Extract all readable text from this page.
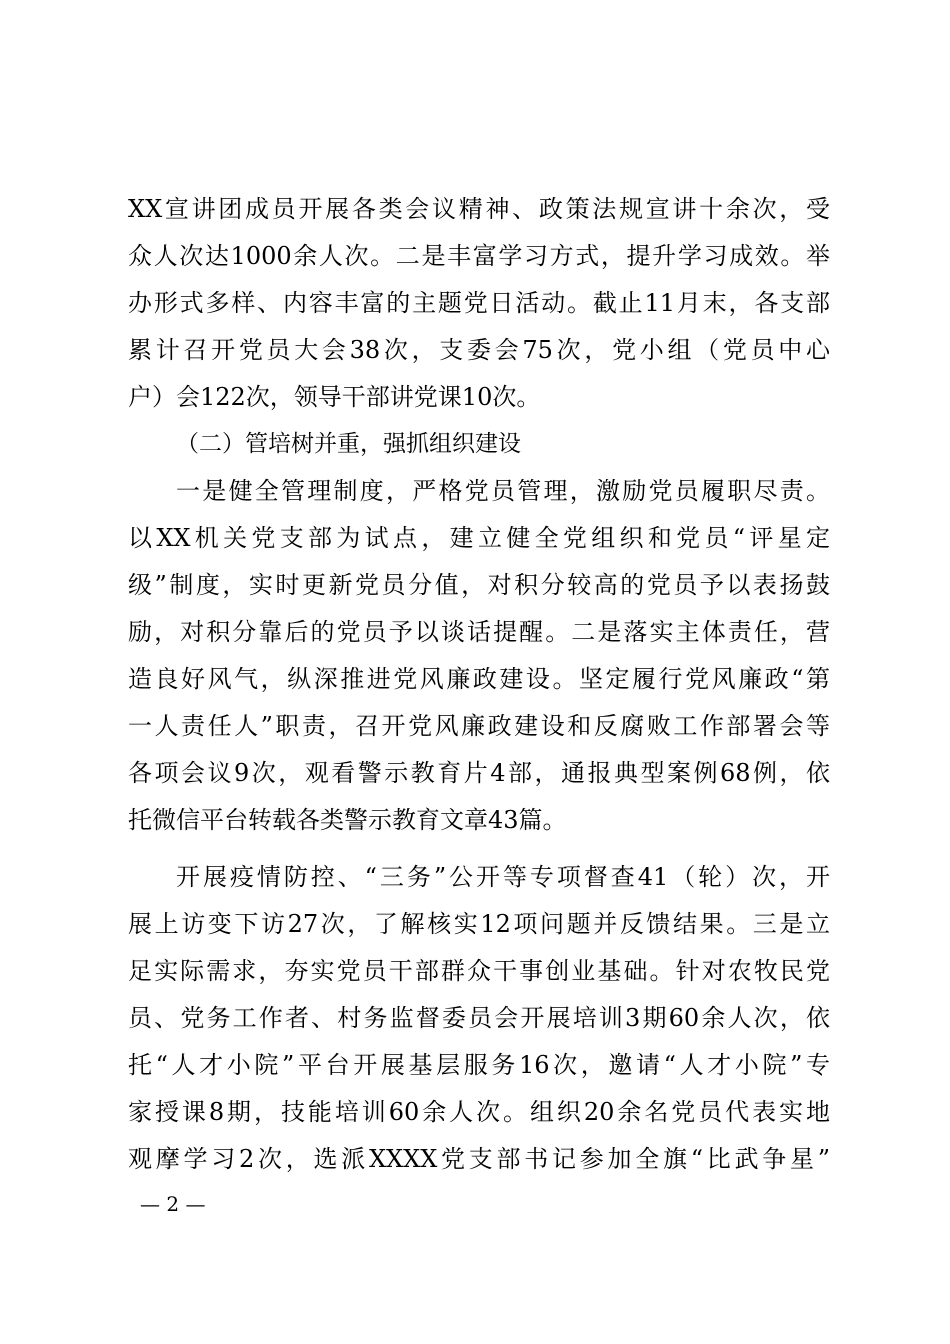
XX宣讲团成员开展各类会议精神、政策法规宣讲十余次，受
众人次达1000余人次。二是丰富学习方式，提升学习成效。举
办形式多样、内容丰富的主题党日活动。截止11月末，各支部
累计召开党员大会38次，支委会75次，党小组（党员中心
户）会122次，领导干部讲党课10次。
（二）管培树并重，强抓组织建设
一是健全管理制度，严格党员管理，激励党员履职尽责。
以XX机关党支部为试点，建立健全党组织和党员“评星定
级”制度，实时更新党员分值，对积分较高的党员予以表扬鼓
励，对积分靠后的党员予以谈话提醒。二是落实主体责任，营
造良好风气，纵深推进党风廉政建设。坚定履行党风廉政“第
一人责任人”职责，召开党风廉政建设和反腐败工作部署会等
各项会议9次，观看警示教育片4部，通报典型案例68例，依
托微信平台转载各类警示教育文章43篇。
开展疫情防控、“三务”公开等专项督查41（轮）次，开
展上访变下访27次，了解核实12项问题并反馈结果。三是立
足实际需求，夯实党员干部群众干事创业基础。针对农牧民党
员、党务工作者、村务监督委员会开展培训3期60余人次，依
托“人才小院”平台开展基层服务16次，邀请“人才小院”专
家授课8期，技能培训60余人次。组织20余名党员代表实地
观摩学习2次，选派XXXX党支部书记参加全旗“比武争星”
— 2 —
